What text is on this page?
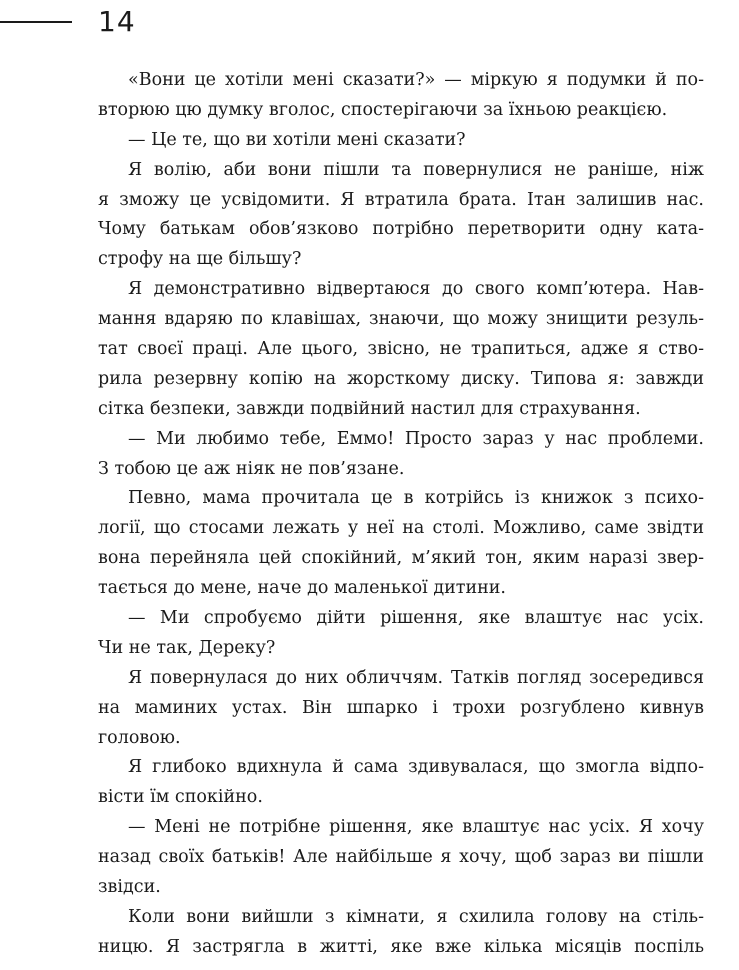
14
«Вони це хотіли мені сказати?» — міркую я подумки й по-
вторюю цю думку вголос, спостерігаючи за їхньою реакцією.
— Це те, що ви хотіли мені сказати?
Я волію, аби вони пішли та повернулися не раніше, ніж
я зможу це усвідомити. Я втратила брата. Ітан залишив нас.
Чому батькам обов’язково потрібно перетворити одну ката-
строфу на ще більшу?
Я демонстративно відвертаюся до свого комп’ютера. Нав-
мання вдаряю по клавішах, знаючи, що можу знищити резуль-
тат своєї праці. Але цього, звісно, не трапиться, адже я ство-
рила резервну копію на жорсткому диску. Типова я: завжди
сітка безпеки, завжди подвійний настил для страхування.
— Ми любимо тебе, Еммо! Просто зараз у нас проблеми.
З тобою це аж ніяк не пов’язане.
Певно, мама прочитала це в котрійсь із книжок з психо-
логії, що стосами лежать у неї на столі. Можливо, саме звідти
вона перейняла цей спокійний, м’який тон, яким наразі звер-
тається до мене, наче до маленької дитини.
— Ми спробуємо дійти рішення, яке влаштує нас усіх.
Чи не так, Дереку?
Я повернулася до них обличчям. Татків погляд зосередився
на маминих устах. Він шпарко і трохи розгублено кивнув
головою.
Я глибоко вдихнула й сама здивувалася, що змогла відпо-
вісти їм спокійно.
— Мені не потрібне рішення, яке влаштує нас усіх. Я хочу
назад своїх батьків! Але найбільше я хочу, щоб зараз ви пішли
звідси.
Коли вони вийшли з кімнати, я схилила голову на стіль-
ницю. Я застрягла в житті, яке вже кілька місяців поспіль
